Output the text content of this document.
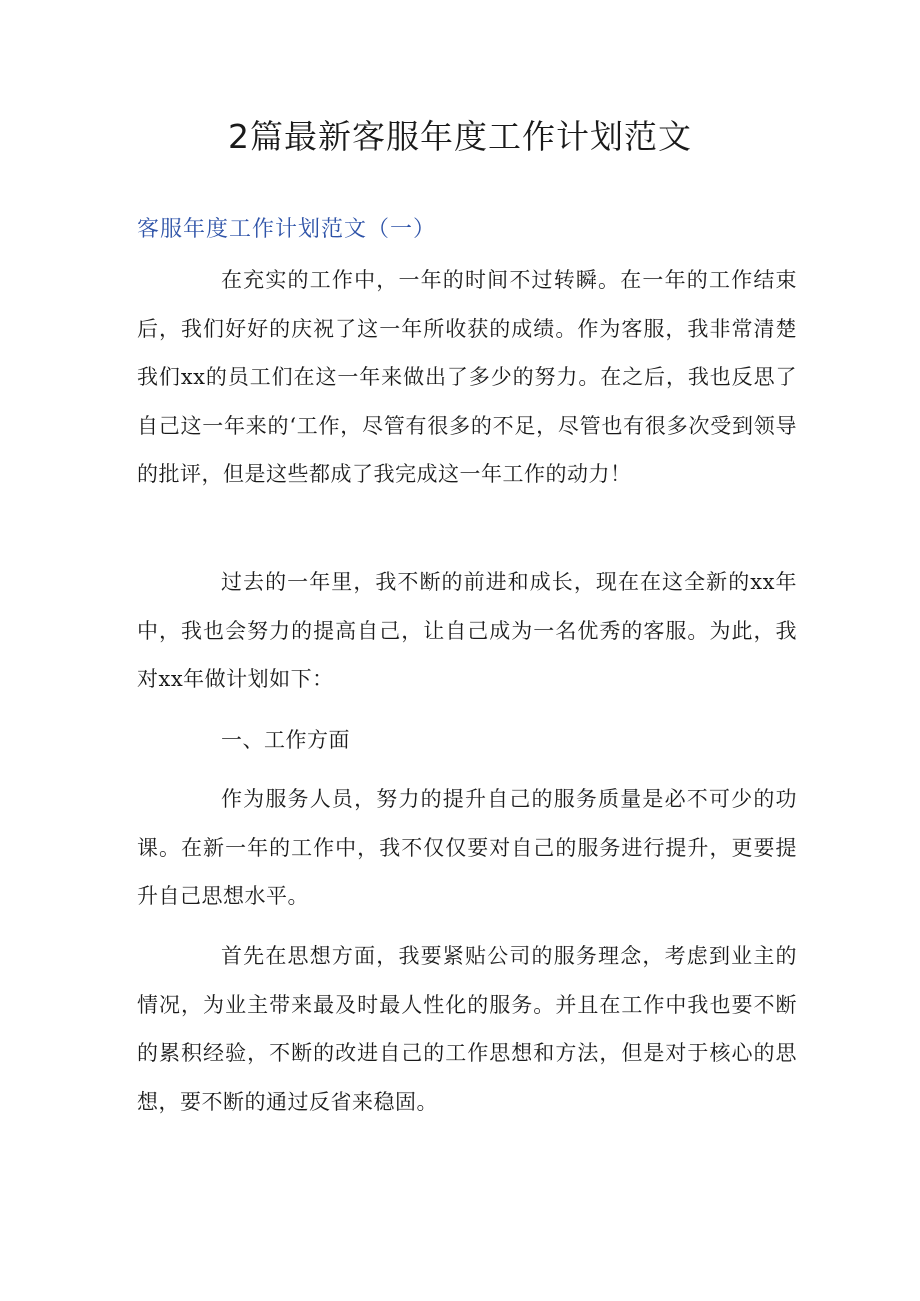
2篇最新客服年度工作计划范文
客服年度工作计划范文（一）

在充实的工作中，一年的时间不过转瞬。在一年的工作结束后，我们好好的庆祝了这一年所收获的成绩。作为客服，我非常清楚我们xx的员工们在这一年来做出了多少的努力。在之后，我也反思了自己这一年来的‘工作，尽管有很多的不足，尽管也有很多次受到领导的批评，但是这些都成了我完成这一年工作的动力！

过去的一年里，我不断的前进和成长，现在在这全新的xx年中，我也会努力的提高自己，让自己成为一名优秀的客服。为此，我对xx年做计划如下：

一、工作方面

作为服务人员，努力的提升自己的服务质量是必不可少的功课。在新一年的工作中，我不仅仅要对自己的服务进行提升，更要提升自己思想水平。

首先在思想方面，我要紧贴公司的服务理念，考虑到业主的情况，为业主带来最及时最人性化的服务。并且在工作中我也要不断的累积经验，不断的改进自己的工作思想和方法，但是对于核心的思想，要不断的通过反省来稳固。
